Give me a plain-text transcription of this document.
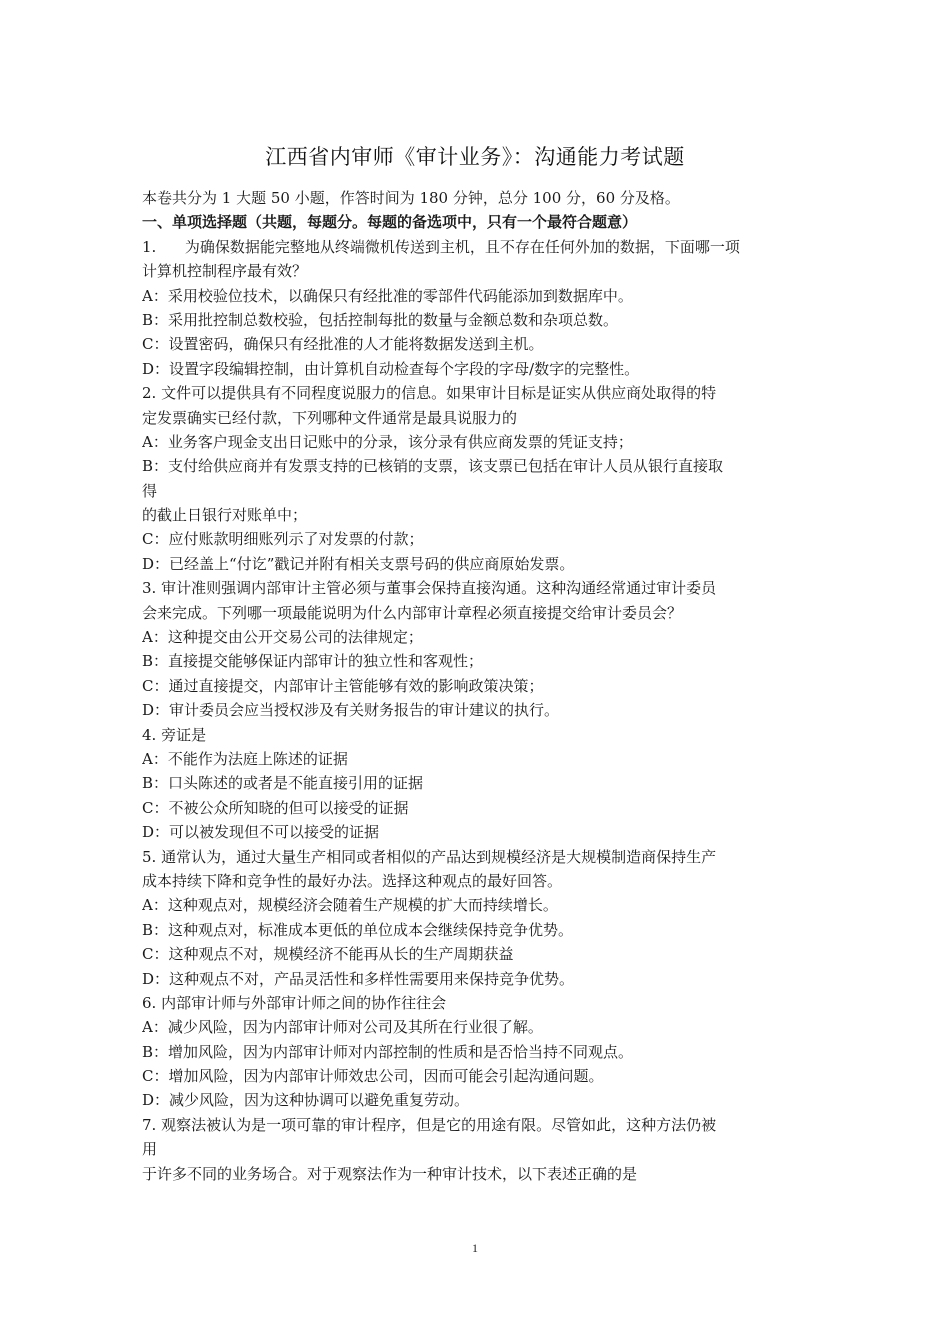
江西省内审师《审计业务》：沟通能力考试题
本卷共分为 1 大题 50 小题，作答时间为 180 分钟，总分 100 分，60 分及格。
一、单项选择题（共题，每题分。每题的备选项中，只有一个最符合题意）
1.      为确保数据能完整地从终端微机传送到主机，且不存在任何外加的数据，下面哪一项
计算机控制程序最有效？
A：采用校验位技术，以确保只有经批准的零部件代码能添加到数据库中。
B：采用批控制总数校验，包括控制每批的数量与金额总数和杂项总数。
C：设置密码，确保只有经批准的人才能将数据发送到主机。
D：设置字段编辑控制，由计算机自动检查每个字段的字母/数字的完整性。
2. 文件可以提供具有不同程度说服力的信息。如果审计目标是证实从供应商处取得的特
定发票确实已经付款，下列哪种文件通常是最具说服力的
A：业务客户现金支出日记账中的分录，该分录有供应商发票的凭证支持；
B：支付给供应商并有发票支持的已核销的支票，该支票已包括在审计人员从银行直接取
得
的截止日银行对账单中；
C：应付账款明细账列示了对发票的付款；
D：已经盖上“付讫”戳记并附有相关支票号码的供应商原始发票。
3. 审计准则强调内部审计主管必须与董事会保持直接沟通。这种沟通经常通过审计委员
会来完成。下列哪一项最能说明为什么内部审计章程必须直接提交给审计委员会？
A：这种提交由公开交易公司的法律规定；
B：直接提交能够保证内部审计的独立性和客观性；
C：通过直接提交，内部审计主管能够有效的影响政策决策；
D：审计委员会应当授权涉及有关财务报告的审计建议的执行。
4. 旁证是
A：不能作为法庭上陈述的证据
B：口头陈述的或者是不能直接引用的证据
C：不被公众所知晓的但可以接受的证据
D：可以被发现但不可以接受的证据
5. 通常认为，通过大量生产相同或者相似的产品达到规模经济是大规模制造商保持生产
成本持续下降和竞争性的最好办法。选择这种观点的最好回答。
A：这种观点对，规模经济会随着生产规模的扩大而持续增长。
B：这种观点对，标准成本更低的单位成本会继续保持竞争优势。
C：这种观点不对，规模经济不能再从长的生产周期获益
D：这种观点不对，产品灵活性和多样性需要用来保持竞争优势。
6. 内部审计师与外部审计师之间的协作往往会
A：减少风险，因为内部审计师对公司及其所在行业很了解。
B：增加风险，因为内部审计师对内部控制的性质和是否恰当持不同观点。
C：增加风险，因为内部审计师效忠公司，因而可能会引起沟通问题。
D：减少风险，因为这种协调可以避免重复劳动。
7. 观察法被认为是一项可靠的审计程序，但是它的用途有限。尽管如此，这种方法仍被
用
于许多不同的业务场合。对于观察法作为一种审计技术，以下表述正确的是
1
